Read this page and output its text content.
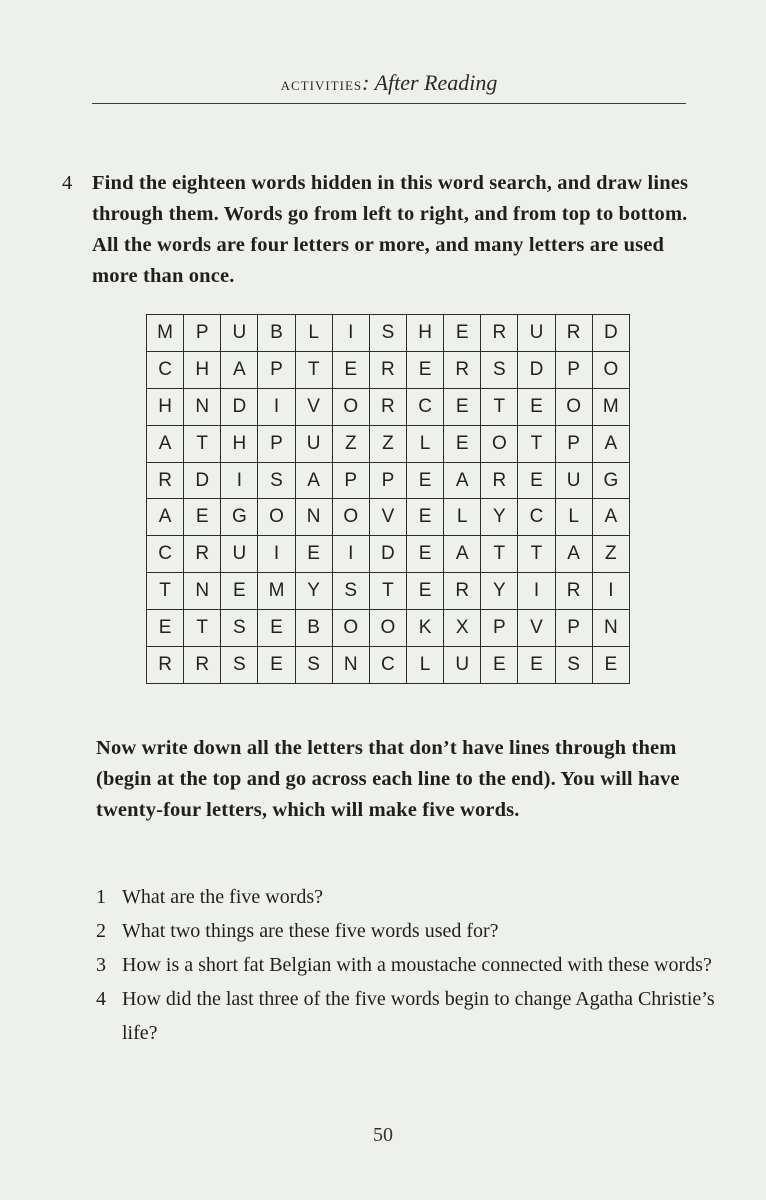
activities: After Reading
4 Find the eighteen words hidden in this word search, and draw lines through them. Words go from left to right, and from top to bottom. All the words are four letters or more, and many letters are used more than once.
M	P	U	B	L	I	S	H	E	R	U	R	D
C	H	A	P	T	E	R	E	R	S	D	P	O
H	N	D	I	V	O	R	C	E	T	E	O	M
A	T	H	P	U	Z	Z	L	E	O	T	P	A
R	D	I	S	A	P	P	E	A	R	E	U	G
A	E	G	O	N	O	V	E	L	Y	C	L	A
C	R	U	I	E	I	D	E	A	T	T	A	Z
T	N	E	M	Y	S	T	E	R	Y	I	R	I
E	T	S	E	B	O	O	K	X	P	V	P	N
R	R	S	E	S	N	C	L	U	E	E	S	E
Now write down all the letters that don’t have lines through them (begin at the top and go across each line to the end). You will have twenty-four letters, which will make five words.
1 What are the five words?
2 What two things are these five words used for?
3 How is a short fat Belgian with a moustache connected with these words?
4 How did the last three of the five words begin to change Agatha Christie’s life?
50
